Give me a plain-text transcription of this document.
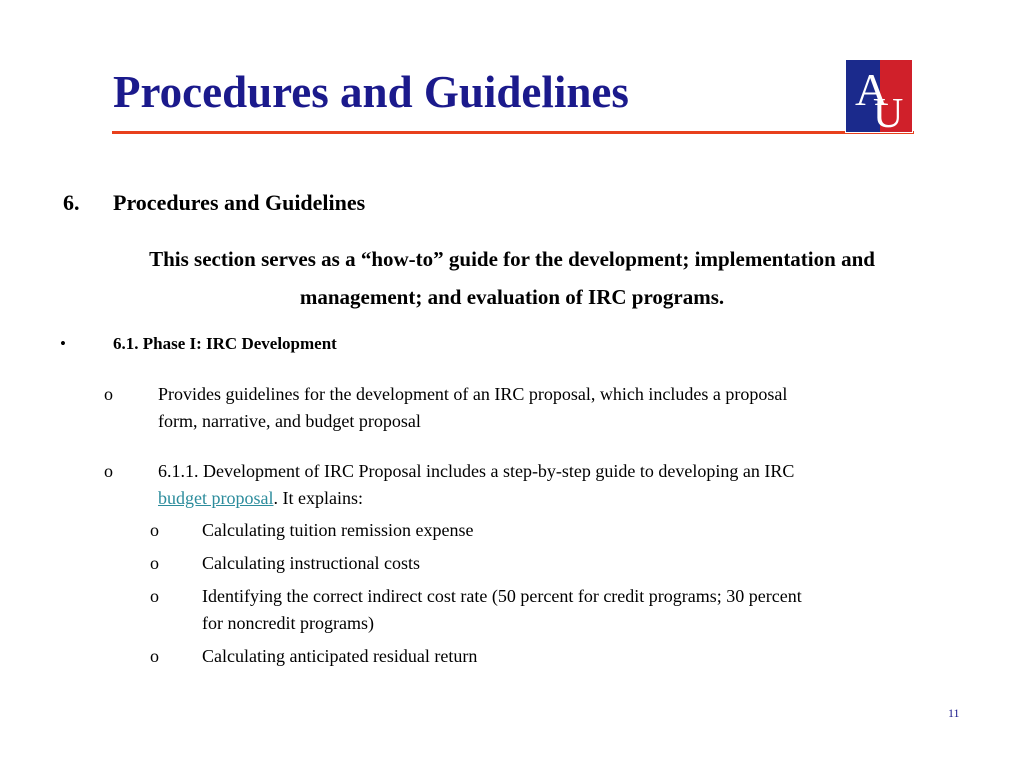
Procedures and Guidelines	A
U
6. Procedures and Guidelines

This section serves as a “how-to” guide for the development; implementation and
management; and evaluation of IRC programs.

•	6.1. Phase I: IRC Development
o	Provides guidelines for the development of an IRC proposal, which includes a proposal
form, narrative, and budget proposal
o	6.1.1. Development of IRC Proposal includes a step-by-step guide to developing an IRC
budget proposal. It explains:
o Calculating tuition remission expense
o Calculating instructional costs
o Identifying the correct indirect cost rate (50 percent for credit programs; 30 percent
for noncredit programs)
o Calculating anticipated residual return
11
